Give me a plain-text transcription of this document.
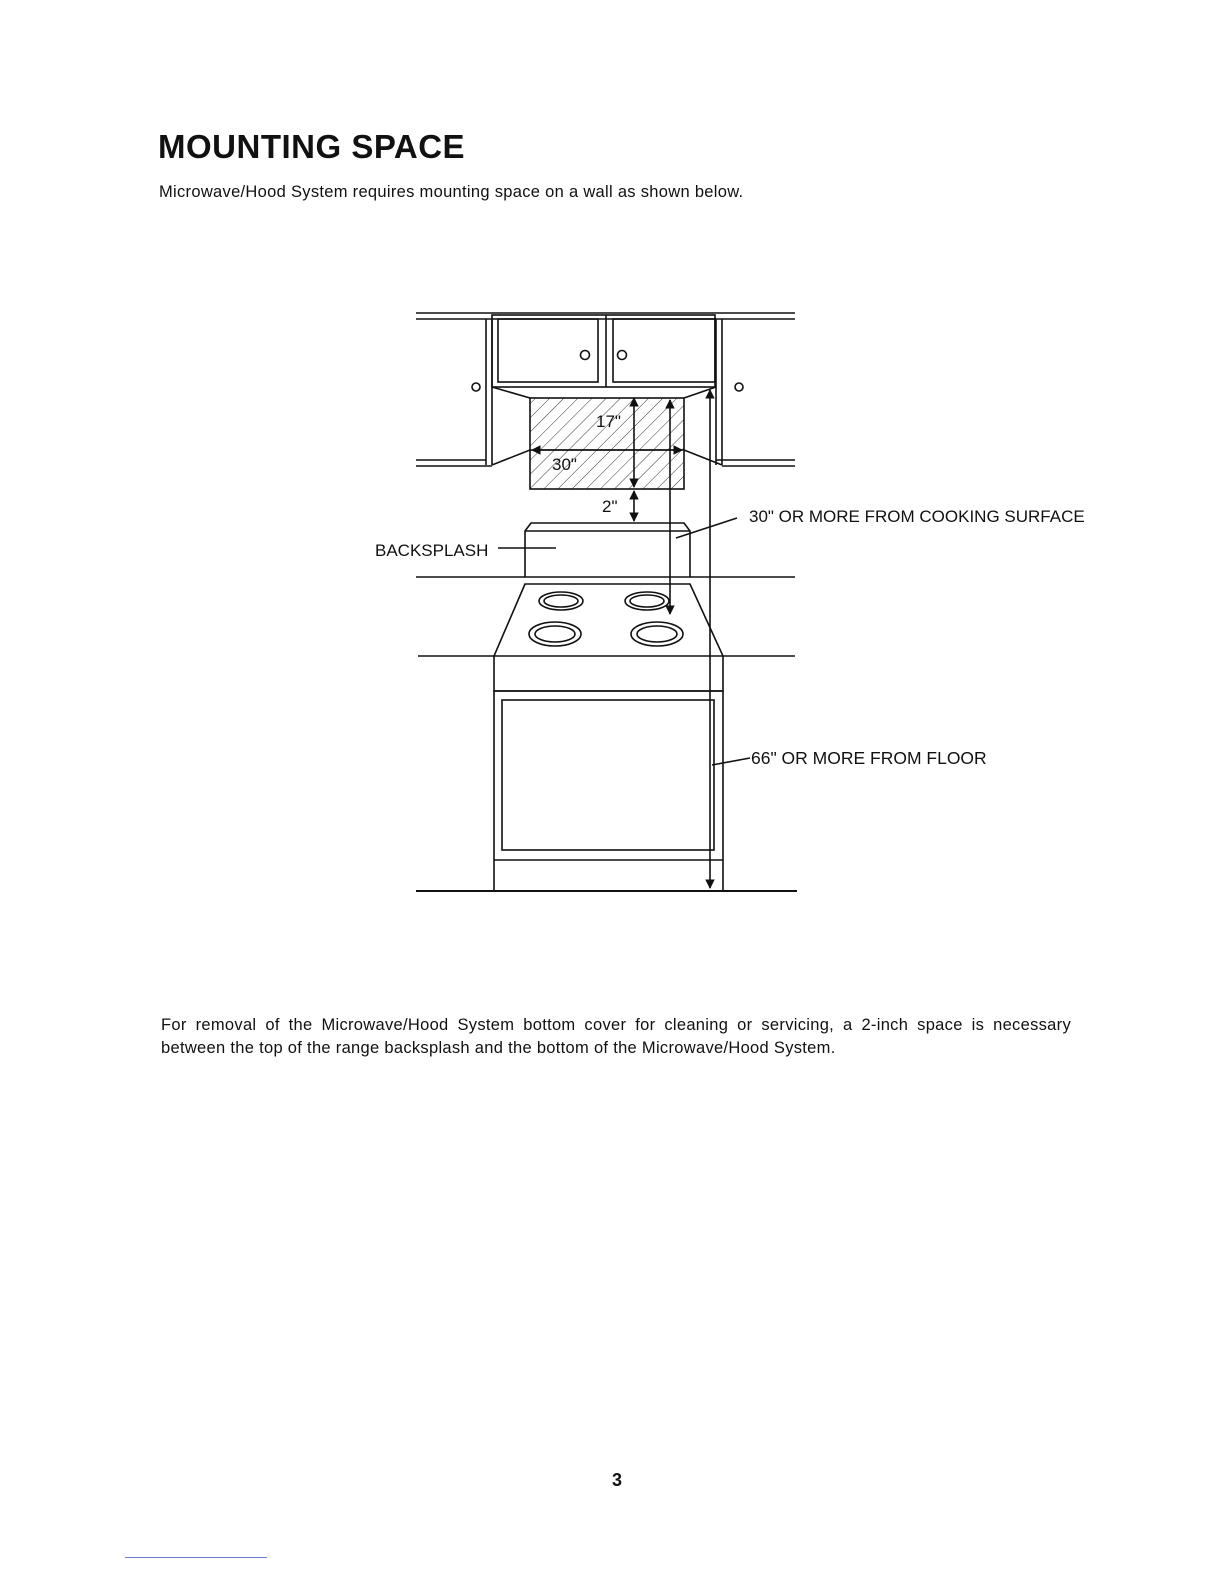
MOUNTING SPACE

Microwave/Hood System requires mounting space on a wall as shown below.

17"
30"
2"
BACKSPLASH
30" OR MORE FROM COOKING SURFACE
66" OR MORE FROM FLOOR

For removal of the Microwave/Hood System bottom cover for cleaning or servicing, a 2-inch space is necessary between the top of the range backsplash and the bottom of the Microwave/Hood System.

3
